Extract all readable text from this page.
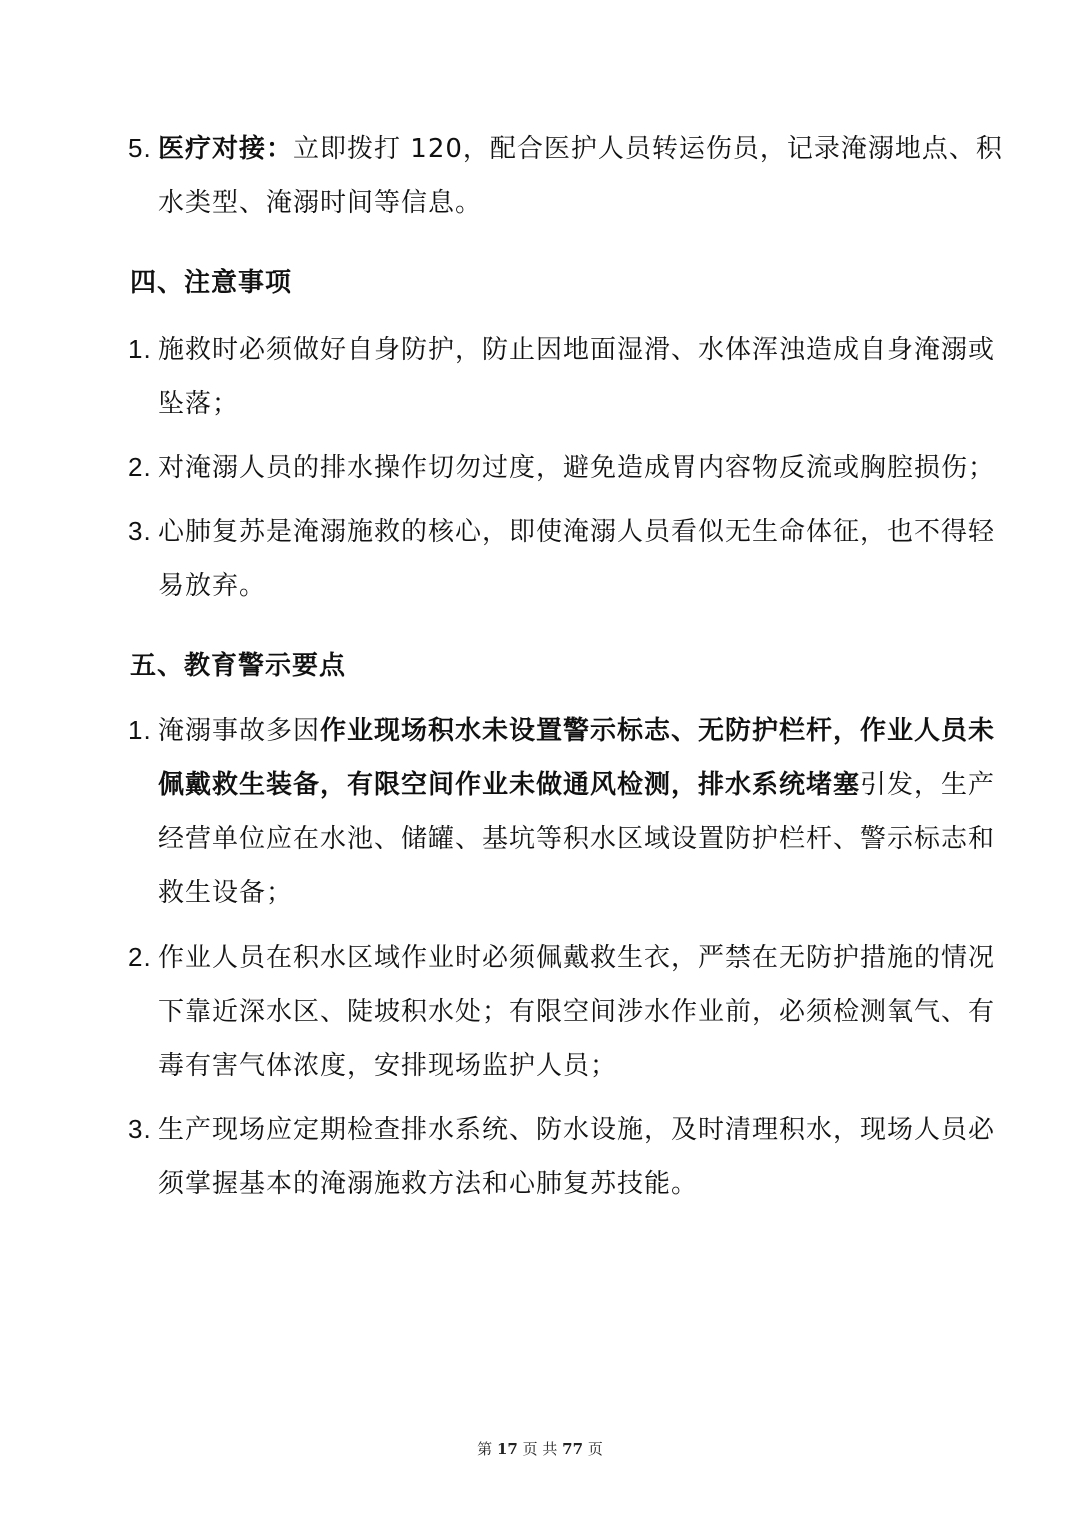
5. 医疗对接：立即拨打 120，配合医护人员转运伤员，记录淹溺地点、积
水类型、淹溺时间等信息。
四、注意事项
1. 施救时必须做好自身防护，防止因地面湿滑、水体浑浊造成自身淹溺或
坠落；
2. 对淹溺人员的排水操作切勿过度，避免造成胃内容物反流或胸腔损伤；
3. 心肺复苏是淹溺施救的核心，即使淹溺人员看似无生命体征，也不得轻
易放弃。
五、教育警示要点
1. 淹溺事故多因作业现场积水未设置警示标志、无防护栏杆，作业人员未
佩戴救生装备，有限空间作业未做通风检测，排水系统堵塞引发，生产
经营单位应在水池、储罐、基坑等积水区域设置防护栏杆、警示标志和
救生设备；
2. 作业人员在积水区域作业时必须佩戴救生衣，严禁在无防护措施的情况
下靠近深水区、陡坡积水处；有限空间涉水作业前，必须检测氧气、有
毒有害气体浓度，安排现场监护人员；
3. 生产现场应定期检查排水系统、防水设施，及时清理积水，现场人员必
须掌握基本的淹溺施救方法和心肺复苏技能。
第 17 页 共 77 页
